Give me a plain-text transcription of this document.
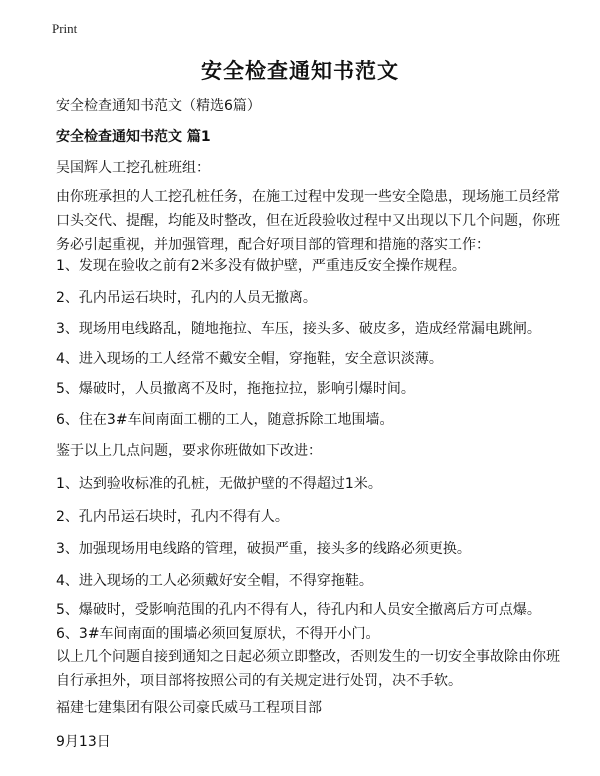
Print
安全检查通知书范文
安全检查通知书范文（精选6篇）
安全检查通知书范文 篇1
吴国辉人工挖孔桩班组：
由你班承担的人工挖孔桩任务，在施工过程中发现一些安全隐患，现场施工员经常口头交代、提醒，均能及时整改，但在近段验收过程中又出现以下几个问题，你班务必引起重视，并加强管理，配合好项目部的管理和措施的落实工作：
1、发现在验收之前有2米多没有做护壁，严重违反安全操作规程。
2、孔内吊运石块时，孔内的人员无撤离。
3、现场用电线路乱，随地拖拉、车压，接头多、破皮多，造成经常漏电跳闸。
4、进入现场的工人经常不戴安全帽，穿拖鞋，安全意识淡薄。
5、爆破时，人员撤离不及时，拖拖拉拉，影响引爆时间。
6、住在3#车间南面工棚的工人，随意拆除工地围墙。
鉴于以上几点问题，要求你班做如下改进：
1、达到验收标准的孔桩，无做护壁的不得超过1米。
2、孔内吊运石块时，孔内不得有人。
3、加强现场用电线路的管理，破损严重，接头多的线路必须更换。
4、进入现场的工人必须戴好安全帽，不得穿拖鞋。
5、爆破时，受影响范围的孔内不得有人，待孔内和人员安全撤离后方可点爆。 6、3#车间南面的围墙必须回复原状，不得开小门。
以上几个问题自接到通知之日起必须立即整改，否则发生的一切安全事故除由你班自行承担外，项目部将按照公司的有关规定进行处罚，决不手软。
福建七建集团有限公司豪氏威马工程项目部
9月13日
